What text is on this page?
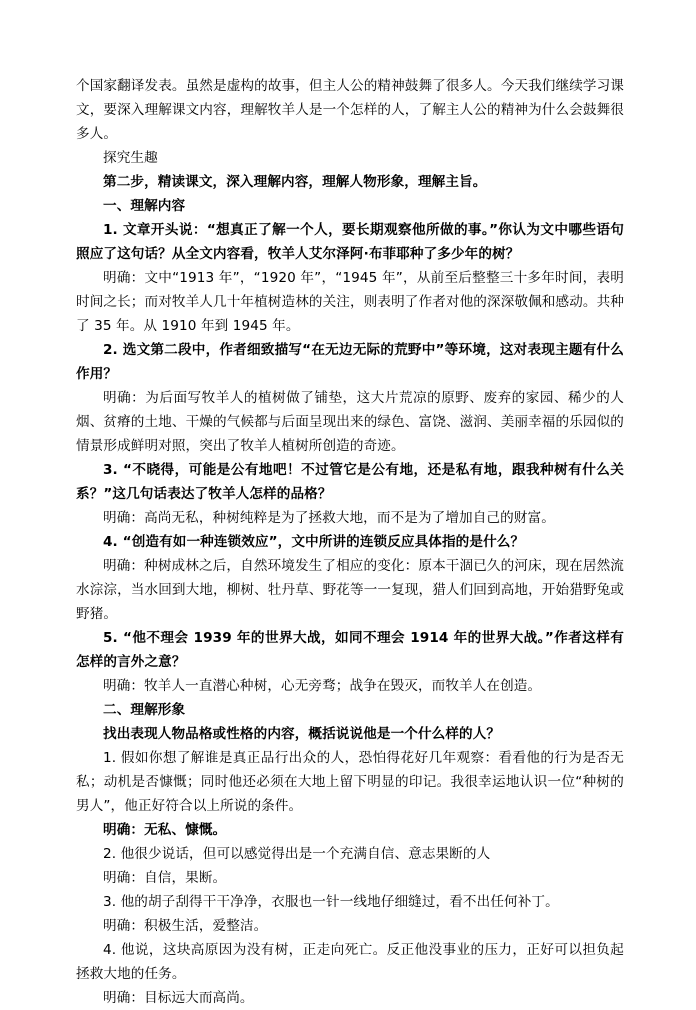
个国家翻译发表。虽然是虚构的故事，但主人公的精神鼓舞了很多人。今天我们继续学习课文，要深入理解课文内容，理解牧羊人是一个怎样的人，了解主人公的精神为什么会鼓舞很多人。

探究生趣

第二步，精读课文，深入理解内容，理解人物形象，理解主旨。

一、理解内容

1. 文章开头说：“想真正了解一个人，要长期观察他所做的事。”你认为文中哪些语句照应了这句话？从全文内容看，牧羊人艾尔泽阿·布菲耶种了多少年的树？

明确：文中“1913 年”，“1920 年”，“1945 年”，从前至后整整三十多年时间，表明时间之长；而对牧羊人几十年植树造林的关注，则表明了作者对他的深深敬佩和感动。共种了 35 年。从 1910 年到 1945 年。

2. 选文第二段中，作者细致描写“在无边无际的荒野中”等环境，这对表现主题有什么作用？

明确：为后面写牧羊人的植树做了铺垫，这大片荒凉的原野、废弃的家园、稀少的人烟、贫瘠的土地、干燥的气候都与后面呈现出来的绿色、富饶、滋润、美丽幸福的乐园似的情景形成鲜明对照，突出了牧羊人植树所创造的奇迹。

3. “不晓得，可能是公有地吧！不过管它是公有地，还是私有地，跟我种树有什么关系？”这几句话表达了牧羊人怎样的品格？

明确：高尚无私，种树纯粹是为了拯救大地，而不是为了增加自己的财富。

4. “创造有如一种连锁效应”，文中所讲的连锁反应具体指的是什么？

明确：种树成林之后，自然环境发生了相应的变化：原本干涸已久的河床，现在居然流水淙淙，当水回到大地，柳树、牡丹草、野花等一一复现，猎人们回到高地，开始猎野兔或野猪。

5. “他不理会 1939 年的世界大战，如同不理会 1914 年的世界大战。”作者这样有怎样的言外之意？

明确：牧羊人一直潜心种树，心无旁骛；战争在毁灭，而牧羊人在创造。

二、理解形象

找出表现人物品格或性格的内容，概括说说他是一个什么样的人？

1. 假如你想了解谁是真正品行出众的人，恐怕得花好几年观察：看看他的行为是否无私；动机是否慷慨；同时他还必须在大地上留下明显的印记。我很幸运地认识一位“种树的男人”，他正好符合以上所说的条件。

明确：无私、慷慨。

2. 他很少说话，但可以感觉得出是一个充满自信、意志果断的人

明确：自信，果断。

3. 他的胡子刮得干干净净，衣服也一针一线地仔细缝过，看不出任何补丁。

明确：积极生活，爱整洁。

4. 他说，这块高原因为没有树，正走向死亡。反正他没事业的压力，正好可以担负起拯救大地的任务。

明确：目标远大而高尚。
